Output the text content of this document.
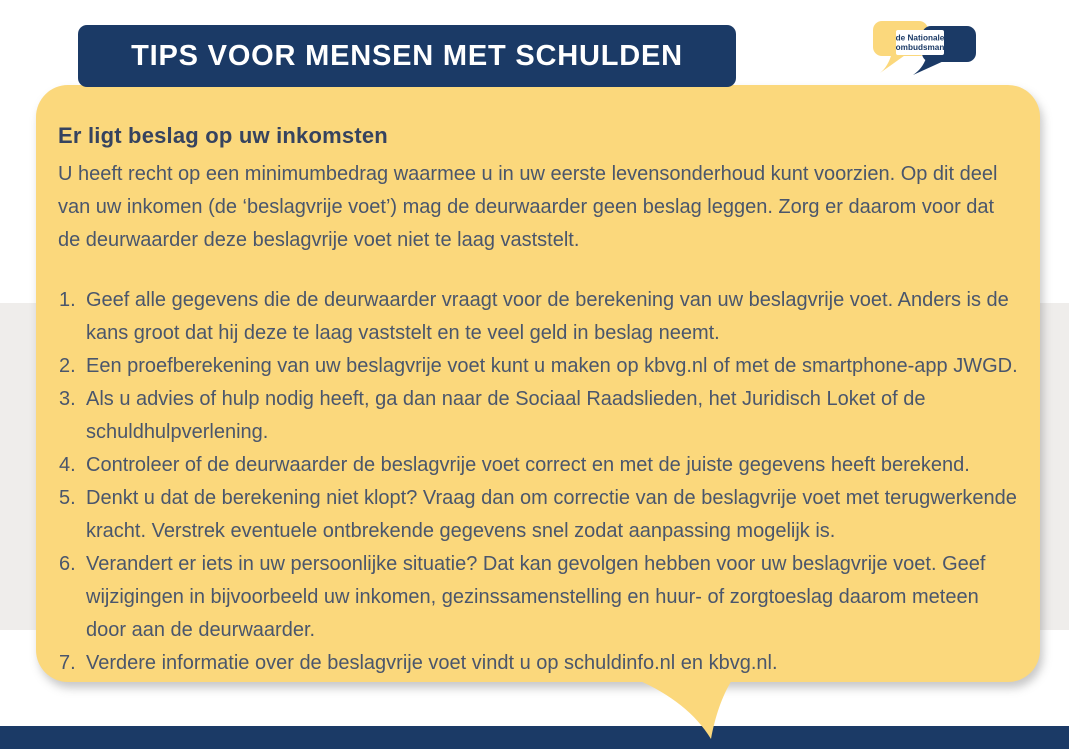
TIPS VOOR MENSEN MET SCHULDEN
de Nationale
ombudsman
Er ligt beslag op uw inkomsten

U heeft recht op een minimumbedrag waarmee u in uw eerste levensonderhoud kunt voorzien. Op dit deel van uw inkomen (de ‘beslagvrije voet’) mag de deurwaarder geen beslag leggen. Zorg er daarom voor dat de deurwaarder deze beslagvrije voet niet te laag vaststelt.

Geef alle gegevens die de deurwaarder vraagt voor de berekening van uw beslagvrije voet. Anders is de kans groot dat hij deze te laag vaststelt en te veel geld in beslag neemt.
Een proefberekening van uw beslagvrije voet kunt u maken op kbvg.nl of met de smartphone-app JWGD.
Als u advies of hulp nodig heeft, ga dan naar de Sociaal Raadslieden, het Juridisch Loket of de schuldhulpverlening.
Controleer of de deurwaarder de beslagvrije voet correct en met de juiste gegevens heeft berekend.
Denkt u dat de berekening niet klopt? Vraag dan om correctie van de beslagvrije voet met terugwerkende kracht. Verstrek eventuele ontbrekende gegevens snel zodat aanpassing mogelijk is.
Verandert er iets in uw persoonlijke situatie? Dat kan gevolgen hebben voor uw beslagvrije voet. Geef wijzigingen in bijvoorbeeld uw inkomen, gezinssamenstelling en huur- of zorgtoeslag daarom meteen door aan de deurwaarder.
Verdere informatie over de beslagvrije voet vindt u op schuldinfo.nl en kbvg.nl.
